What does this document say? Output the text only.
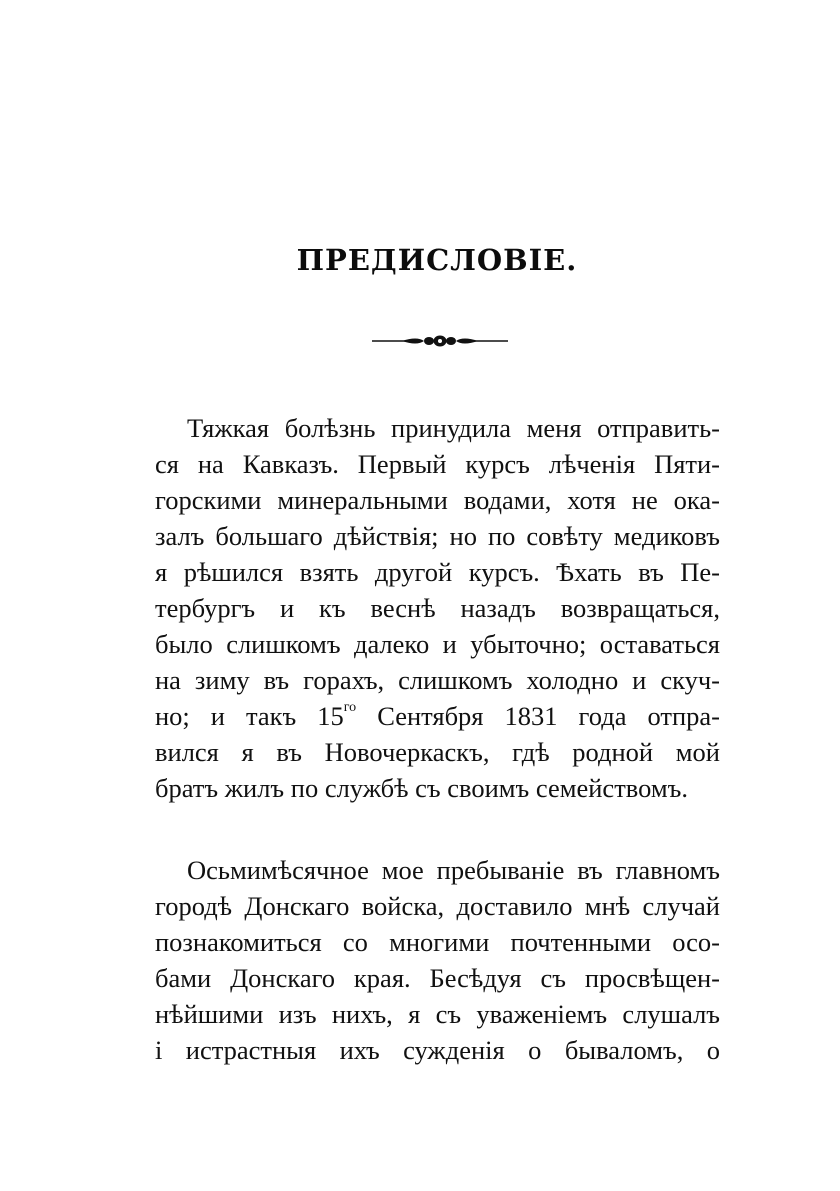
ПРЕДИСЛОВІЕ.
Тяжкая болѣзнь принудила меня отправить-
ся на Кавказъ. Первый курсъ лѣченія Пяти-
горскими минеральными водами, хотя не ока-
залъ большаго дѣйствія; но по совѣту медиковъ
я рѣшился взять другой курсъ. Ѣхать въ Пе-
тербургъ и къ веснѣ назадъ возвращаться,
было слишкомъ далеко и убыточно; оставаться
на зиму въ горахъ, слишкомъ холодно и скуч-
но; и такъ $15^{го}$ Сентября 1831 года отпра-
вился я въ Новочеркаскъ, гдѣ родной мой
братъ жилъ по службѣ съ своимъ семействомъ.
Осьмимѣсячное мое пребываніе въ главномъ
городѣ Донскаго войска, доставило мнѣ случай
познакомиться со многими почтенными осо-
бами Донскаго края. Бесѣдуя съ просвѣщен-
нѣйшими изъ нихъ, я съ уваженіемъ слушалъ
і истрастныя ихъ сужденія о бываломъ, о
